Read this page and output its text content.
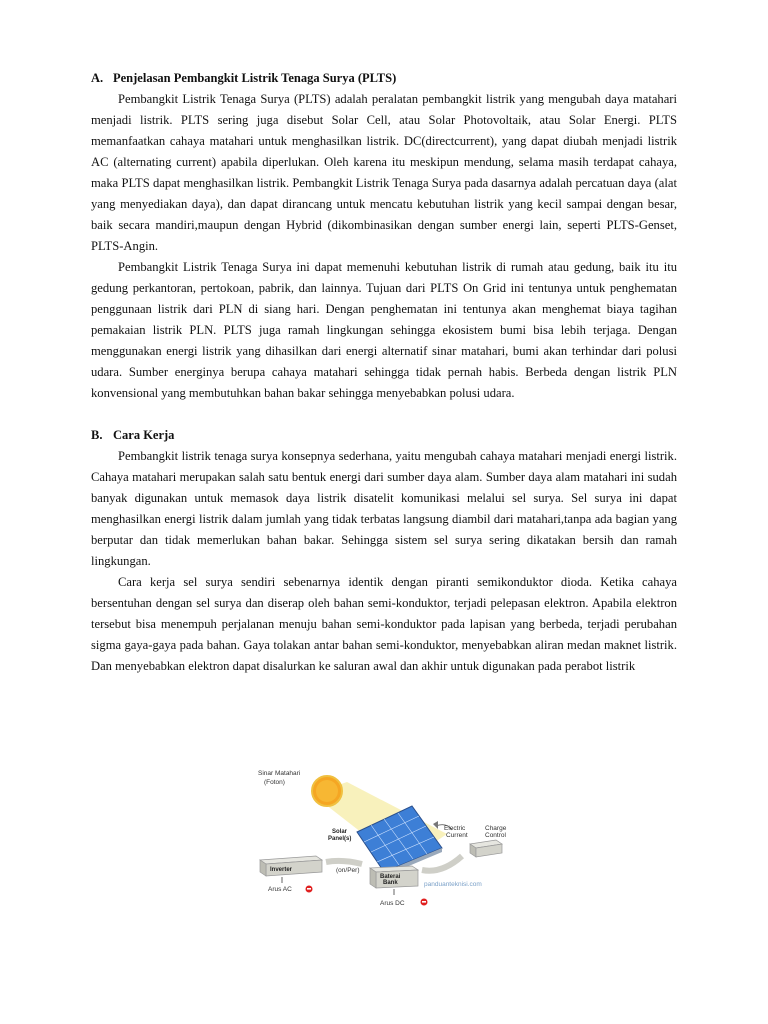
A. Penjelasan Pembangkit Listrik Tenaga Surya (PLTS)

Pembangkit Listrik Tenaga Surya (PLTS) adalah peralatan pembangkit listrik yang mengubah daya matahari menjadi listrik. PLTS sering juga disebut Solar Cell, atau Solar Photovoltaik, atau Solar Energi. PLTS memanfaatkan cahaya matahari untuk menghasilkan listrik. DC(directcurrent), yang dapat diubah menjadi listrik AC (alternating current) apabila diperlukan. Oleh karena itu meskipun mendung, selama masih terdapat cahaya, maka PLTS dapat menghasilkan listrik. Pembangkit Listrik Tenaga Surya pada dasarnya adalah percatuan daya (alat yang menyediakan daya), dan dapat dirancang untuk mencatu kebutuhan listrik yang kecil sampai dengan besar, baik secara mandiri,maupun dengan Hybrid (dikombinasikan dengan sumber energi lain, seperti PLTS-Genset, PLTS-Angin.

Pembangkit Listrik Tenaga Surya ini dapat memenuhi kebutuhan listrik di rumah atau gedung, baik itu itu gedung perkantoran, pertokoan, pabrik, dan lainnya. Tujuan dari PLTS On Grid ini tentunya untuk penghematan penggunaan listrik dari PLN di siang hari. Dengan penghematan ini tentunya akan menghemat biaya tagihan pemakaian listrik PLN. PLTS juga ramah lingkungan sehingga ekosistem bumi bisa lebih terjaga. Dengan menggunakan energi listrik yang dihasilkan dari energi alternatif sinar matahari, bumi akan terhindar dari polusi udara. Sumber energinya berupa cahaya matahari sehingga tidak pernah habis. Berbeda dengan listrik PLN konvensional yang membutuhkan bahan bakar sehingga menyebabkan polusi udara.

B. Cara Kerja

Pembangkit listrik tenaga surya konsepnya sederhana, yaitu mengubah cahaya matahari menjadi energi listrik. Cahaya matahari merupakan salah satu bentuk energi dari sumber daya alam. Sumber daya alam matahari ini sudah banyak digunakan untuk memasok daya listrik disatelit komunikasi melalui sel surya. Sel surya ini dapat menghasilkan energi listrik dalam jumlah yang tidak terbatas langsung diambil dari matahari,tanpa ada bagian yang berputar dan tidak memerlukan bahan bakar. Sehingga sistem sel surya sering dikatakan bersih dan ramah lingkungan.

Cara kerja sel surya sendiri sebenarnya identik dengan piranti semikonduktor dioda. Ketika cahaya bersentuhan dengan sel surya dan diserap oleh bahan semi-konduktor, terjadi pelepasan elektron. Apabila elektron tersebut bisa menempuh perjalanan menuju bahan semi-konduktor pada lapisan yang berbeda, terjadi perubahan sigma gaya-gaya pada bahan. Gaya tolakan antar bahan semi-konduktor, menyebabkan aliran medan maknet listrik. Dan menyebabkan elektron dapat disalurkan ke saluran awal dan akhir untuk digunakan pada perabot listrik

Sinar Matahari
(Foton)
Solar
Panel(s)
Electric
Current
Charge
Control
Inverter
Baterai
Bank
(on/Per)
panduanteknisi.com
Arus AC
Arus DC
